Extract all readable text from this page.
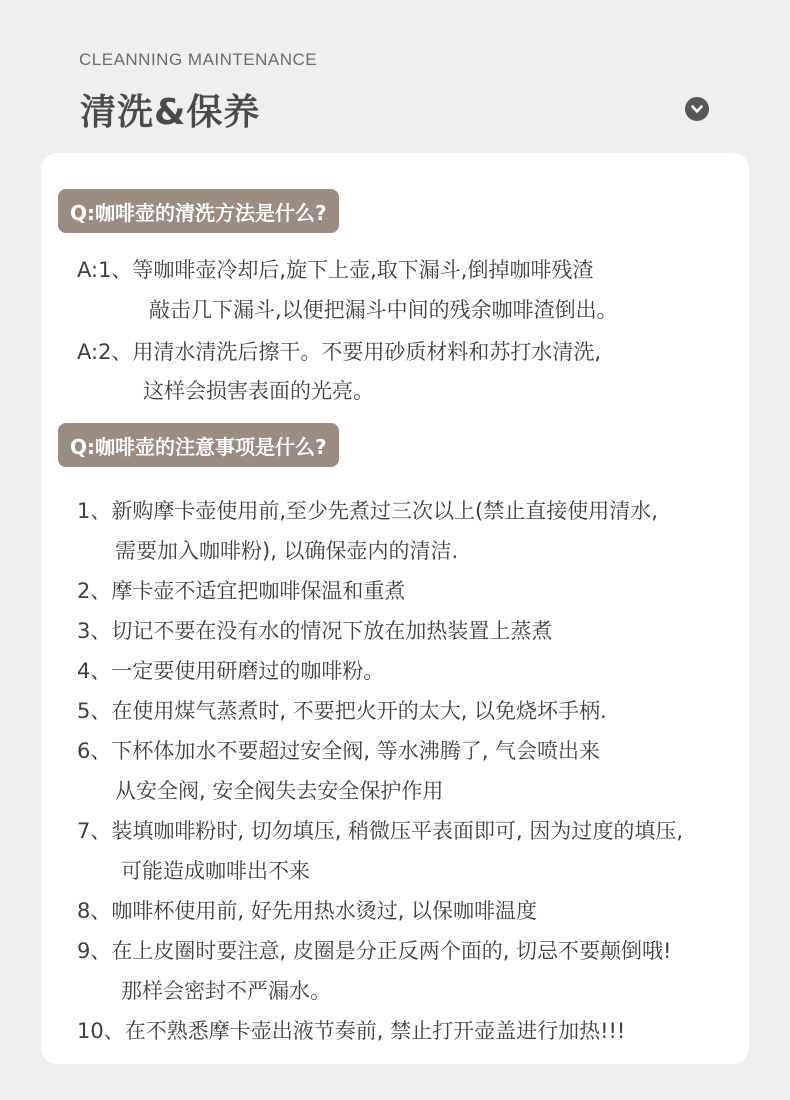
CLEANNING MAINTENANCE
清洗&保养
Q:咖啡壶的清洗方法是什么?
A:1、等咖啡壶冷却后,旋下上壶,取下漏斗,倒掉咖啡残渣
敲击几下漏斗,以便把漏斗中间的残余咖啡渣倒出。
A:2、用清水清洗后擦干。不要用砂质材料和苏打水清洗,
这样会损害表面的光亮。
Q:咖啡壶的注意事项是什么?
1、新购摩卡壶使用前,至少先煮过三次以上(禁止直接使用清水,
需要加入咖啡粉), 以确保壶内的清洁.
2、摩卡壶不适宜把咖啡保温和重煮
3、切记不要在没有水的情况下放在加热装置上蒸煮
4、一定要使用研磨过的咖啡粉。
5、在使用煤气蒸煮时, 不要把火开的太大, 以免烧坏手柄.
6、下杯体加水不要超过安全阀, 等水沸腾了, 气会喷出来
从安全阀, 安全阀失去安全保护作用
7、装填咖啡粉时, 切勿填压, 稍微压平表面即可, 因为过度的填压,
可能造成咖啡出不来
8、咖啡杯使用前, 好先用热水烫过, 以保咖啡温度
9、在上皮圈时要注意, 皮圈是分正反两个面的, 切忌不要颠倒哦!
那样会密封不严漏水。
10、在不熟悉摩卡壶出液节奏前, 禁止打开壶盖进行加热!!!
